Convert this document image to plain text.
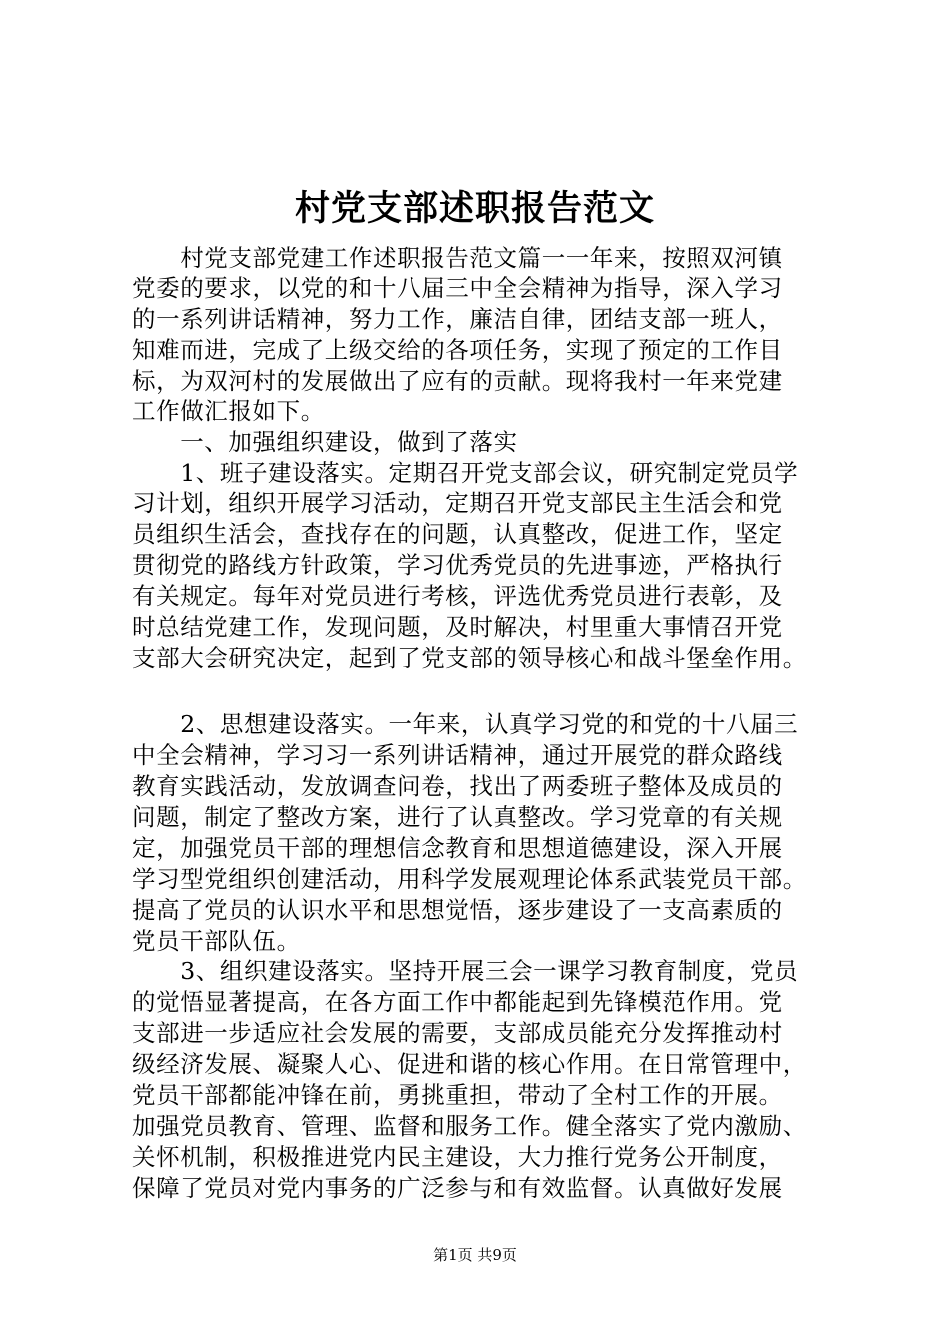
村党支部述职报告范文
　　村党支部党建工作述职报告范文篇一一年来，按照双河镇
党委的要求，以党的和十八届三中全会精神为指导，深入学习
的一系列讲话精神，努力工作，廉洁自律，团结支部一班人，
知难而进，完成了上级交给的各项任务，实现了预定的工作目
标，为双河村的发展做出了应有的贡献。现将我村一年来党建
工作做汇报如下。
　　一、加强组织建设，做到了落实
　　1、班子建设落实。定期召开党支部会议，研究制定党员学
习计划，组织开展学习活动，定期召开党支部民主生活会和党
员组织生活会，查找存在的问题，认真整改，促进工作，坚定
贯彻党的路线方针政策，学习优秀党员的先进事迹，严格执行
有关规定。每年对党员进行考核，评选优秀党员进行表彰，及
时总结党建工作，发现问题，及时解决，村里重大事情召开党
支部大会研究决定，起到了党支部的领导核心和战斗堡垒作用。
　　2、思想建设落实。一年来，认真学习党的和党的十八届三
中全会精神，学习习一系列讲话精神，通过开展党的群众路线
教育实践活动，发放调查问卷，找出了两委班子整体及成员的
问题，制定了整改方案，进行了认真整改。学习党章的有关规
定，加强党员干部的理想信念教育和思想道德建设，深入开展
学习型党组织创建活动，用科学发展观理论体系武装党员干部。
提高了党员的认识水平和思想觉悟，逐步建设了一支高素质的
党员干部队伍。
　　3、组织建设落实。坚持开展三会一课学习教育制度，党员
的觉悟显著提高，在各方面工作中都能起到先锋模范作用。党
支部进一步适应社会发展的需要，支部成员能充分发挥推动村
级经济发展、凝聚人心、促进和谐的核心作用。在日常管理中，
党员干部都能冲锋在前，勇挑重担，带动了全村工作的开展。
加强党员教育、管理、监督和服务工作。健全落实了党内激励、
关怀机制，积极推进党内民主建设，大力推行党务公开制度，
保障了党员对党内事务的广泛参与和有效监督。认真做好发展
第1页 共9页
